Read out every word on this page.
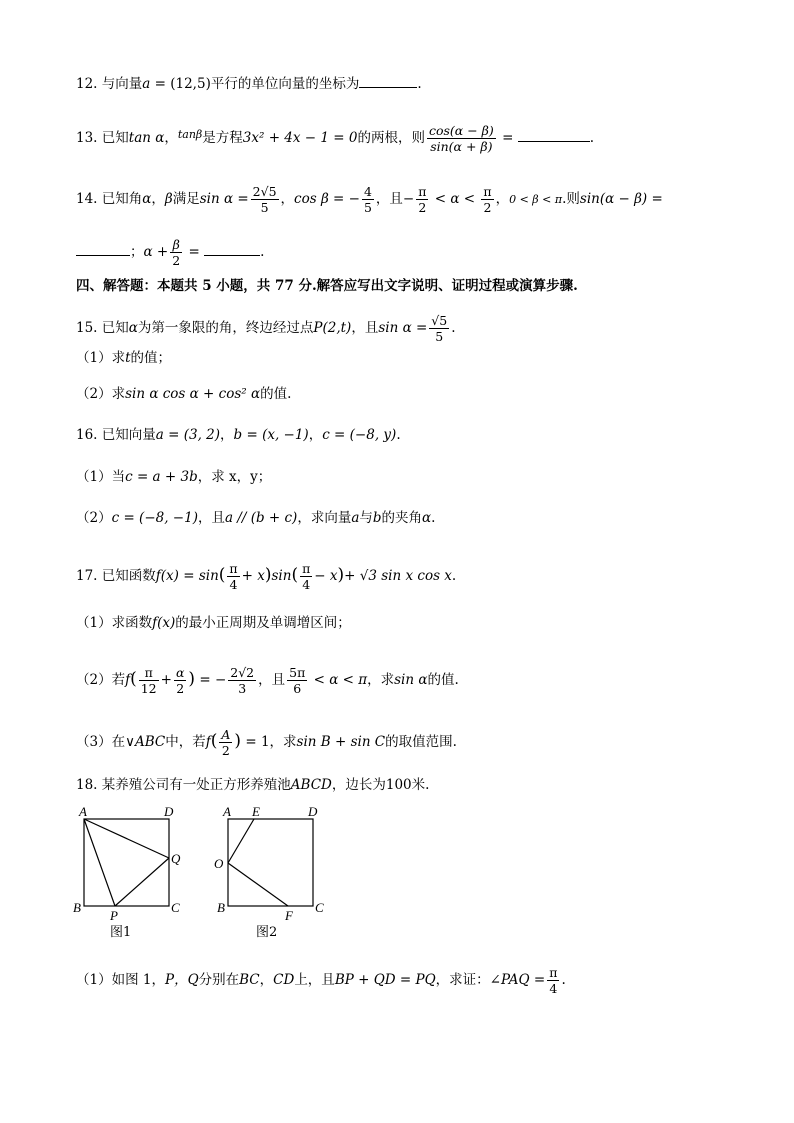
12. 与向量a = (12,5)平行的单位向量的坐标为	.
13. 已知tan α，$^{tan\beta}$是方程3x² + 4x − 1 = 0的两根，则 $\frac{\cos(\alpha - \beta)}{\sin(\alpha + \beta)}$ =	.
14. 已知角α，β满足$\sin \alpha = \frac{2√5}{5}$ ，cos β = − $\frac{4}{5}$ ，且− $\frac{\pi}{2} < \alpha < \frac{\pi}{2}$ ，0 < β < π.则sin(α − β) =
；$\alpha + \frac{\beta}{2}$ =	.
四、解答题：本题共 5 小题，共 77 分.解答应写出文字说明、证明过程或演算步骤.
15. 已知α为第一象限的角，终边经过点P(2,t)，且$\sin \alpha = \frac{√5}{5}$ .
（1）求t的值；
（2）求sin α cos α + cos² α的值.
16. 已知向量a = (3, 2)，b = (x, −1)，c = (−8, y).
（1）当c = a + 3b，求 x，y；
（2）c = (−8, −1)，且a // (b + c)，求向量a与b的夹角α.
17. 已知函数$f(x) = \sin( \frac{\pi}{4} + x)\sin( \frac{\pi}{4} - x)+ √3$ sin x cos x.
（1）求函数f(x)的最小正周期及单调增区间；
（2）若$f( \frac{\pi}{12} + \frac{\alpha}{2}$ ) = − $\frac{2√2}{3}$ ，且 $\frac{5\pi}{6} < \alpha < \pi$，求sin α的值.
（3）在∨ABC中，若$f( \frac{A}{2}$ ) = 1，求sin B + sin C的取值范围.
18. 某养殖公司有一处正方形养殖池ABCD，边长为100米.
A	D
Q
B
P
C
图1
A E	D
O
B
F
C
图2
（1）如图 1，P，Q分别在BC，CD上，且BP + QD = PQ，求证：∠PAQ = $\frac{\pi}{4}$ .
